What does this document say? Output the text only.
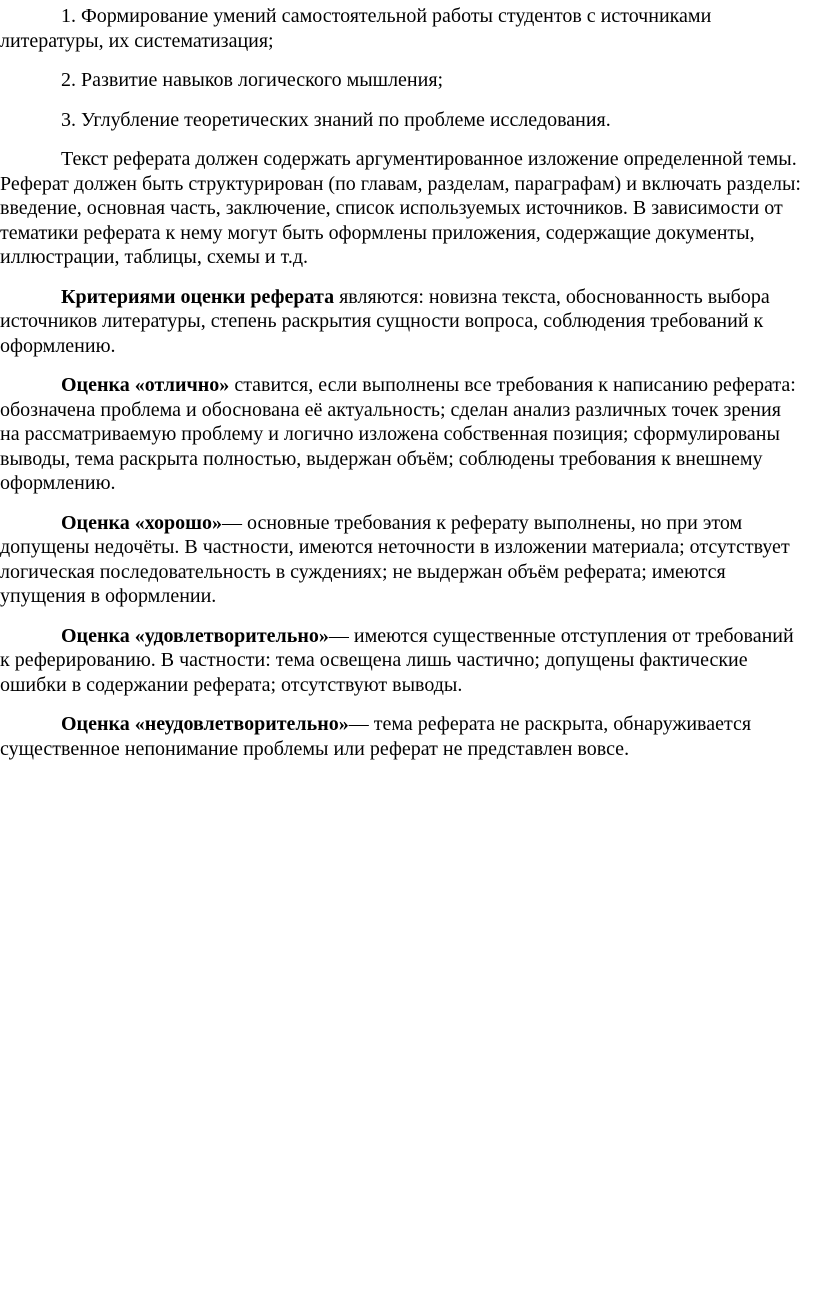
1. Формирование умений самостоятельной работы студентов с источниками литературы, их систематизация;

2. Развитие навыков логического мышления;

3. Углубление теоретических знаний по проблеме исследования.

Текст реферата должен содержать аргументированное изложение определенной темы. Реферат должен быть структурирован (по главам, разделам, параграфам) и включать разделы: введение, основная часть, заключение, список используемых источников. В зависимости от тематики реферата к нему могут быть оформлены приложения, содержащие документы, иллюстрации, таблицы, схемы и т.д.

Критериями оценки реферата являются: новизна текста, обоснованность выбора источников литературы, степень раскрытия сущности вопроса, соблюдения требований к оформлению.

Оценка «отлично» ставится, если выполнены все требования к написанию реферата: обозначена проблема и обоснована её актуальность; сделан анализ различных точек зрения на рассматриваемую проблему и логично изложена собственная позиция; сформулированы выводы, тема раскрыта полностью, выдержан объём; соблюдены требования к внешнему оформлению.

Оценка «хорошо»— основные требования к реферату выполнены, но при этом допущены недочёты. В частности, имеются неточности в изложении материала; отсутствует логическая последовательность в суждениях; не выдержан объём реферата; имеются упущения в оформлении.

Оценка «удовлетворительно»— имеются существенные отступления от требований к реферированию. В частности: тема освещена лишь частично; допущены фактические ошибки в содержании реферата; отсутствуют выводы.

Оценка «неудовлетворительно»— тема реферата не раскрыта, обнаруживается существенное непонимание проблемы или реферат не представлен вовсе.
